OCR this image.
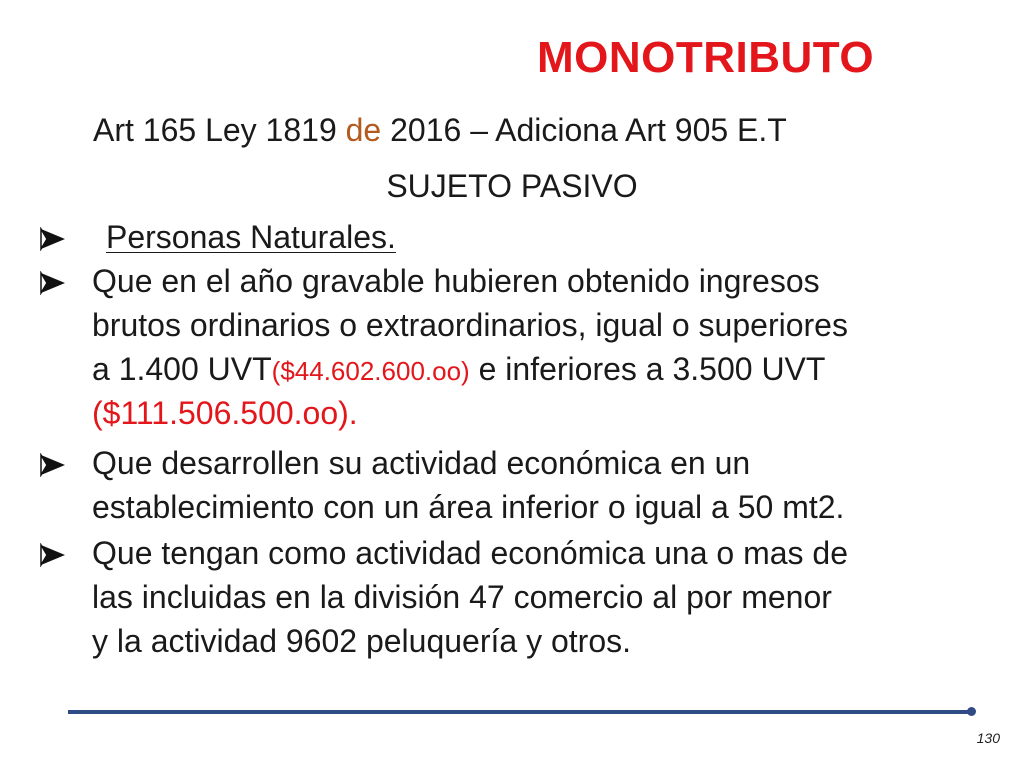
MONOTRIBUTO
Art 165 Ley 1819 de 2016 – Adiciona Art 905 E.T
SUJETO PASIVO
Personas Naturales.
Que en el año gravable hubieren obtenido ingresos
brutos ordinarios o extraordinarios, igual o superiores
a 1.400 UVT($44.602.600.oo) e inferiores a 3.500 UVT
($111.506.500.oo).
Que desarrollen su actividad económica en un
establecimiento con un área inferior o igual a 50 mt2.
Que tengan como actividad económica una o mas de
las incluidas en la división 47 comercio al por menor
y la actividad 9602 peluquería y otros.
130
